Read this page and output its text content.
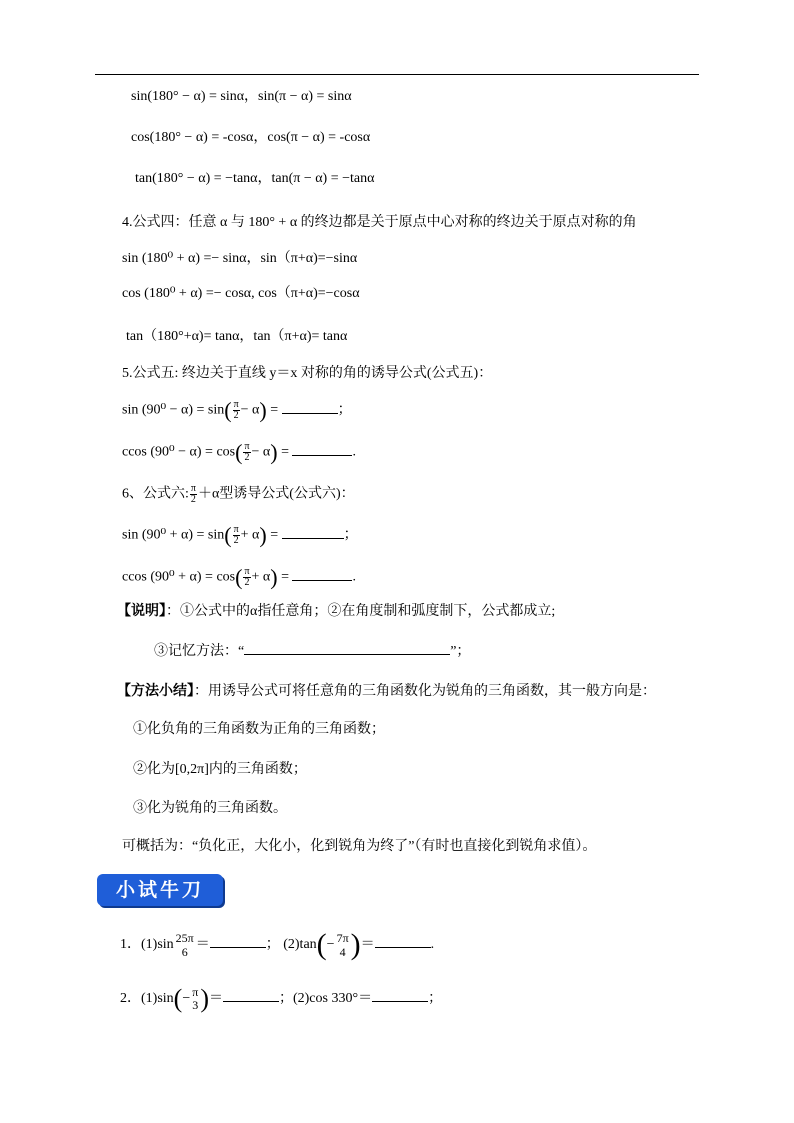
sin(180° − α) = sinα，sin(π − α) = sinα
cos(180° − α) = -cosα，cos(π − α) = -cosα
tan(180° − α) = −tanα，tan(π − α) = −tanα
4.公式四：任意 α 与 180° + α 的终边都是关于原点中心对称的终边关于原点对称的角
sin (180⁰ + α) =− sinα，sin（π+α)=−sinα
cos (180⁰ + α) =− cosα, cos（π+α)=−cosα
tan（180°+α)= tanα，tan（π+α)= tanα
5.公式五: 终边关于直线 y＝x 对称的角的诱导公式(公式五)：
$\sin (90^0 - \alpha) = \sin( \frac{\pi}{2} - \alpha)$ =	；
ccos $(90^0 - \alpha) = \cos( \frac{\pi}{2} - \alpha)$ =	.
6、公式六: $\frac{\pi}{2} +\alpha$型诱导公式(公式六)：
$\sin (90^0 + \alpha) = \sin( \frac{\pi}{2} + \alpha)$ =	；
ccos $(90^0 + \alpha) = \cos( \frac{\pi}{2} + \alpha)$ =	.
【说明】：①公式中的α指任意角；②在角度制和弧度制下，公式都成立;
③记忆方法：“	”；
【方法小结】：用诱导公式可将任意角的三角函数化为锐角的三角函数，其一般方向是：
①化负角的三角函数为正角的三角函数；
②化为[0,2π]内的三角函数；
③化为锐角的三角函数。
可概括为：“负化正，大化小，化到锐角为终了”（有时也直接化到锐角求值）。
小试牛刀
1．(1)sin 25π
6 ＝	； (2)tan(− 7π
4 )＝	.
2．(1)sin(− π
3 )＝	；(2)cos 330°＝	；
